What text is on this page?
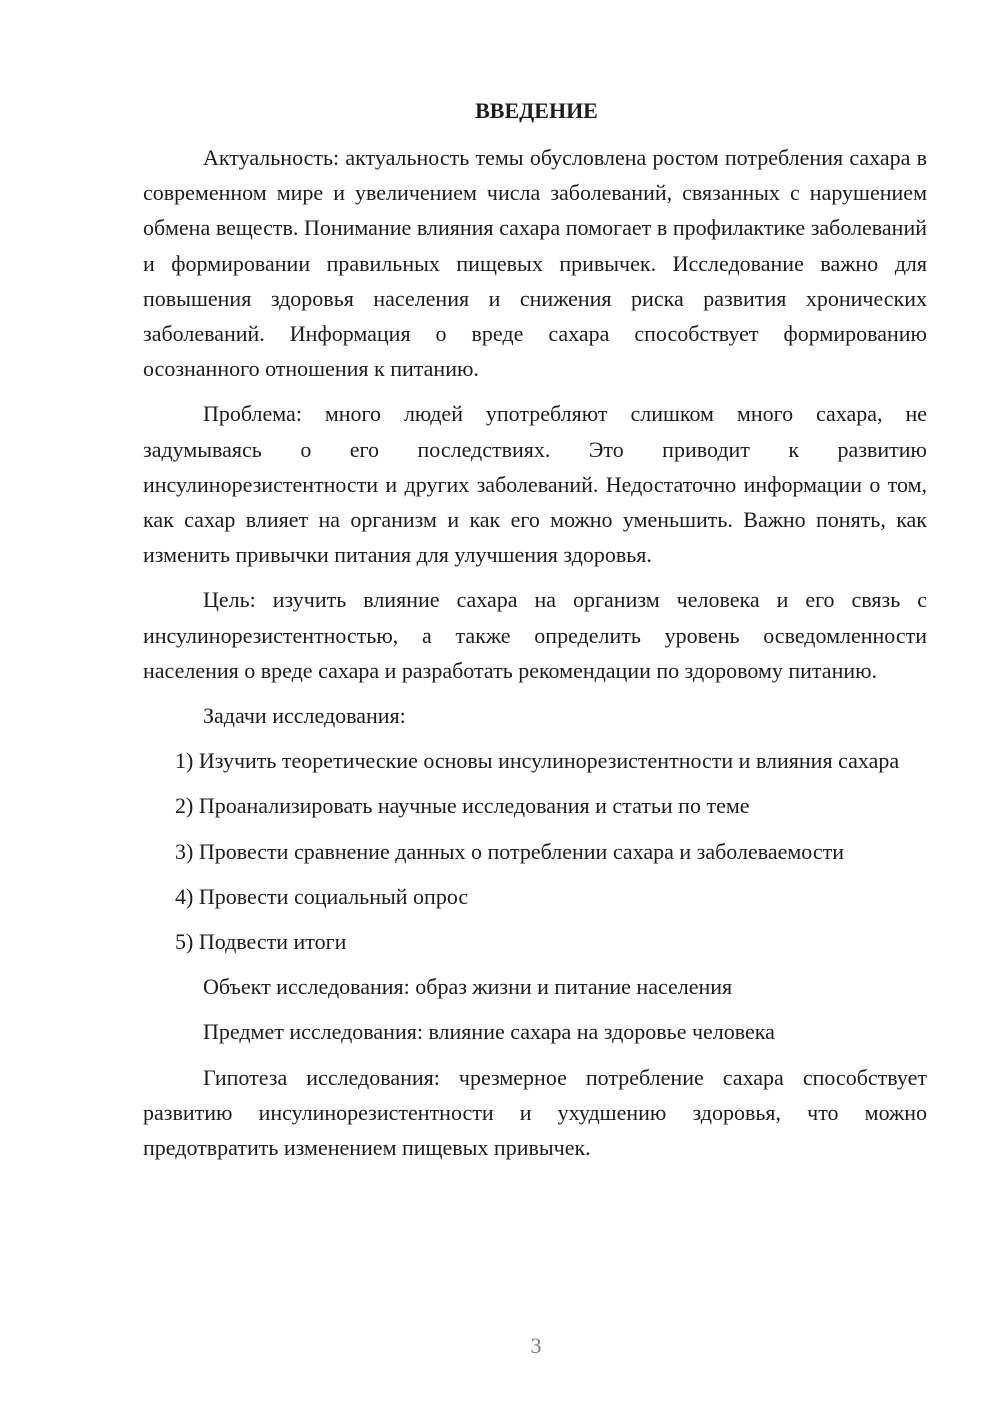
ВВЕДЕНИЕ

Актуальность: актуальность темы обусловлена ростом потребления сахара в современном мире и увеличением числа заболеваний, связанных с нарушением обмена веществ. Понимание влияния сахара помогает в профилактике заболеваний и формировании правильных пищевых привычек. Исследование важно для повышения здоровья населения и снижения риска развития хронических заболеваний. Информация о вреде сахара способствует формированию осознанного отношения к питанию.

Проблема: много людей употребляют слишком много сахара, не задумываясь о его последствиях. Это приводит к развитию инсулинорезистентности и других заболеваний. Недостаточно информации о том, как сахар влияет на организм и как его можно уменьшить. Важно понять, как изменить привычки питания для улучшения здоровья.

Цель: изучить влияние сахара на организм человека и его связь с инсулинорезистентностью, а также определить уровень осведомленности населения о вреде сахара и разработать рекомендации по здоровому питанию.

Задачи исследования:

1) Изучить теоретические основы инсулинорезистентности и влияния сахара

2) Проанализировать научные исследования и статьи по теме

3) Провести сравнение данных о потреблении сахара и заболеваемости

4) Провести социальный опрос

5) Подвести итоги

Объект исследования: образ жизни и питание населения

Предмет исследования: влияние сахара на здоровье человека

Гипотеза исследования: чрезмерное потребление сахара способствует развитию инсулинорезистентности и ухудшению здоровья, что можно предотвратить изменением пищевых привычек.

3
